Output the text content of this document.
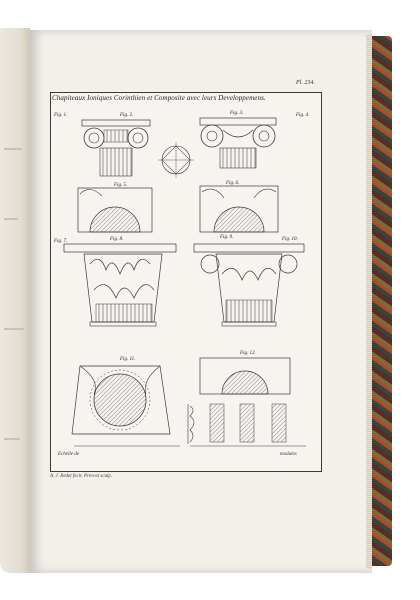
Pl. 234.
Chapiteaux Ioniques Corinthien et Composite avec leurs Developpemens.
Fig. 1.	Fig. 2.	Fig. 3.	Fig. 4.
Fig. 5.	Fig. 6.
Fig. 7.	Fig. 8.	Fig. 9.	Fig. 10.
Fig. 11.
Fig. 12.
Echelle de	modules
A. J. Bedet fecit. Prevost sculp.
